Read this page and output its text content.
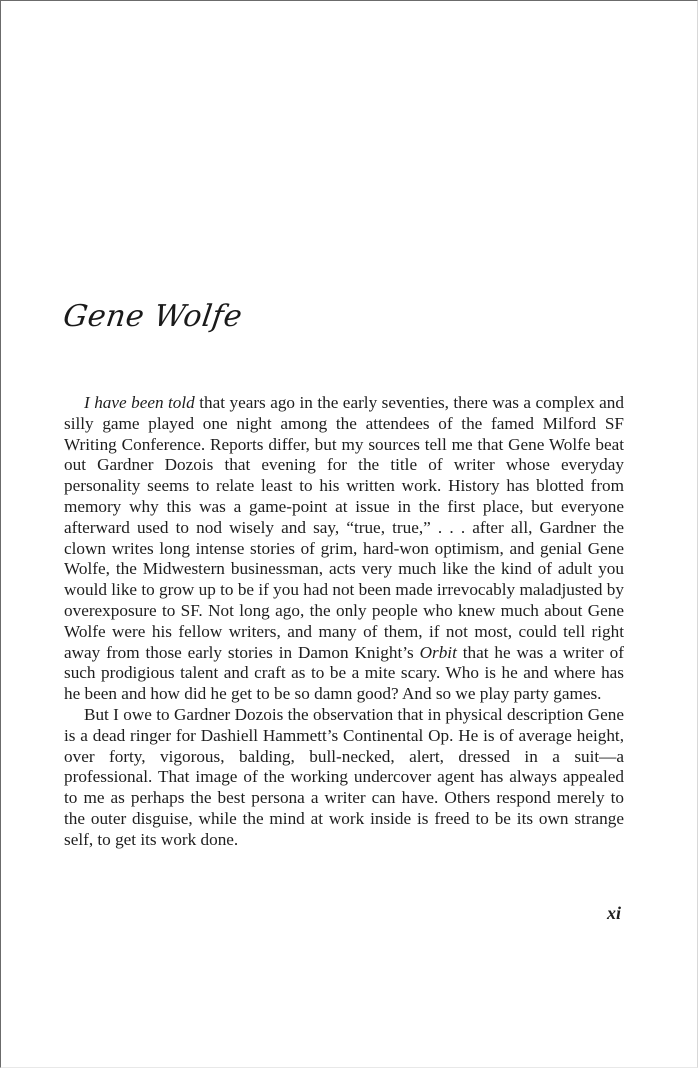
Gene Wolfe

I have been told that years ago in the early seventies, there was a complex and silly game played one night among the attendees of the famed Milford SF Writing Conference. Reports differ, but my sources tell me that Gene Wolfe beat out Gardner Dozois that evening for the title of writer whose everyday personality seems to relate least to his written work. History has blotted from memory why this was a game-point at issue in the first place, but everyone afterward used to nod wisely and say, “true, true,” . . . after all, Gardner the clown writes long intense stories of grim, hard-won optimism, and genial Gene Wolfe, the Midwestern businessman, acts very much like the kind of adult you would like to grow up to be if you had not been made irrevocably maladjusted by overexposure to SF. Not long ago, the only people who knew much about Gene Wolfe were his fellow writers, and many of them, if not most, could tell right away from those early stories in Damon Knight’s Orbit that he was a writer of such prodigious talent and craft as to be a mite scary. Who is he and where has he been and how did he get to be so damn good? And so we play party games.

But I owe to Gardner Dozois the observation that in physical description Gene is a dead ringer for Dashiell Hammett’s Continental Op. He is of average height, over forty, vigorous, balding, bull-necked, alert, dressed in a suit—a professional. That image of the working undercover agent has always appealed to me as perhaps the best persona a writer can have. Others respond merely to the outer disguise, while the mind at work inside is freed to be its own strange self, to get its work done.

xi
